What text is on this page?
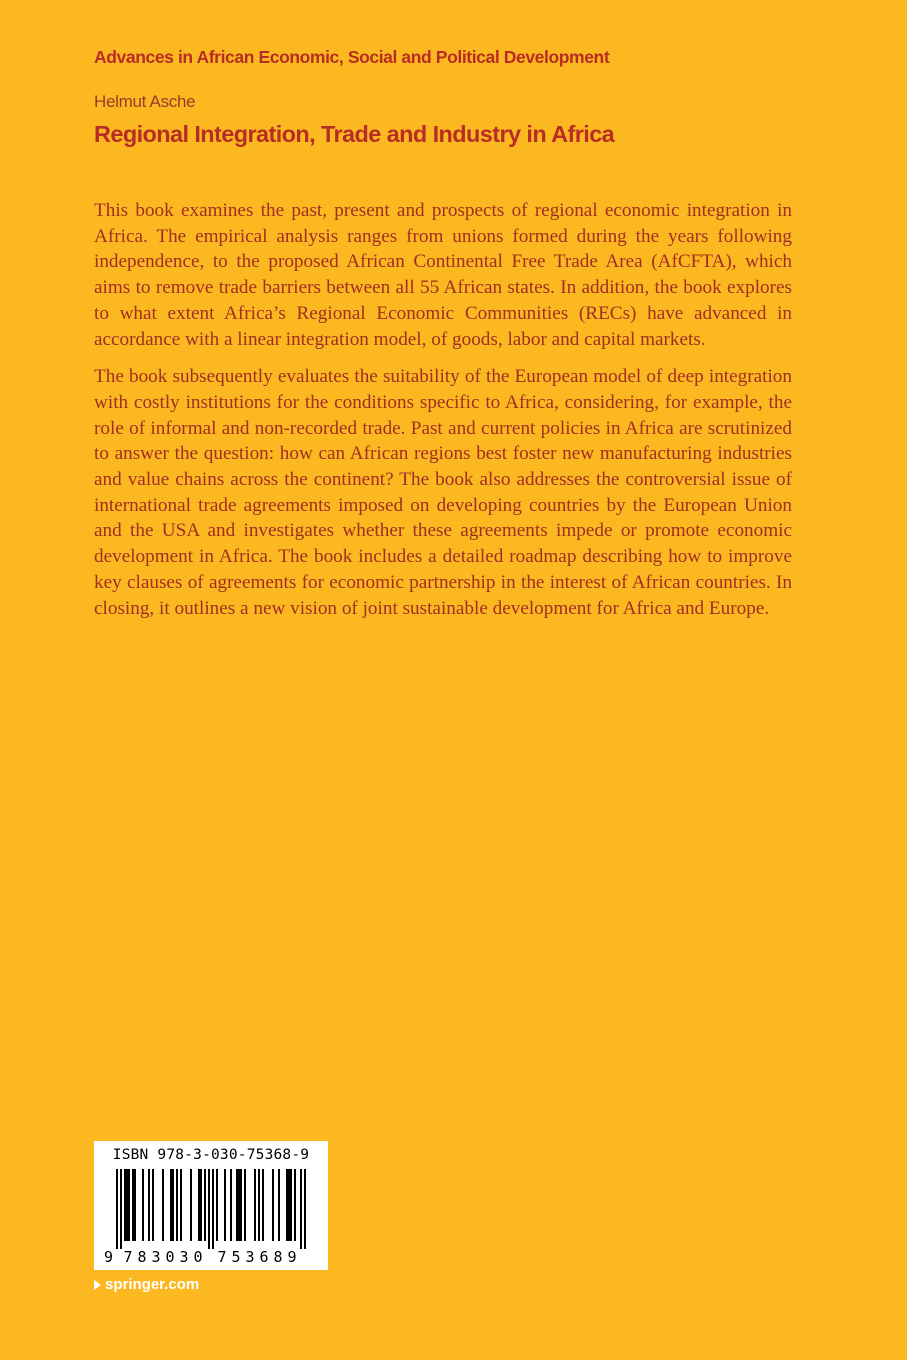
Advances in African Economic, Social and Political Development
Helmut Asche
Regional Integration, Trade and Industry in Africa

This book examines the past, present and prospects of regional economic integration in Africa. The empirical analysis ranges from unions formed during the years following independence, to the proposed African Continental Free Trade Area (AfCFTA), which aims to remove trade barriers between all 55 African states. In addition, the book explores to what extent Africa’s Regional Economic Communities (RECs) have advanced in accordance with a linear integration model, of goods, labor and capital markets.

The book subsequently evaluates the suitability of the European model of deep integration with costly institutions for the conditions specific to Africa, considering, for example, the role of informal and non-recorded trade. Past and current policies in Africa are scrutinized to answer the question: how can African regions best foster new manufacturing industries and value chains across the continent? The book also addresses the controversial issue of international trade agreements imposed on developing countries by the European Union and the USA and investigates whether these agreements impede or promote economic development in Africa. The book includes a detailed roadmap describing how to improve key clauses of agreements for economic partnership in the interest of African countries. In closing, it outlines a new vision of joint sustainable development for Africa and Europe.

ISBN 978-3-030-75368-9
9 7 8 3 0 3 0 7 5 3 6 8 9
springer.com
